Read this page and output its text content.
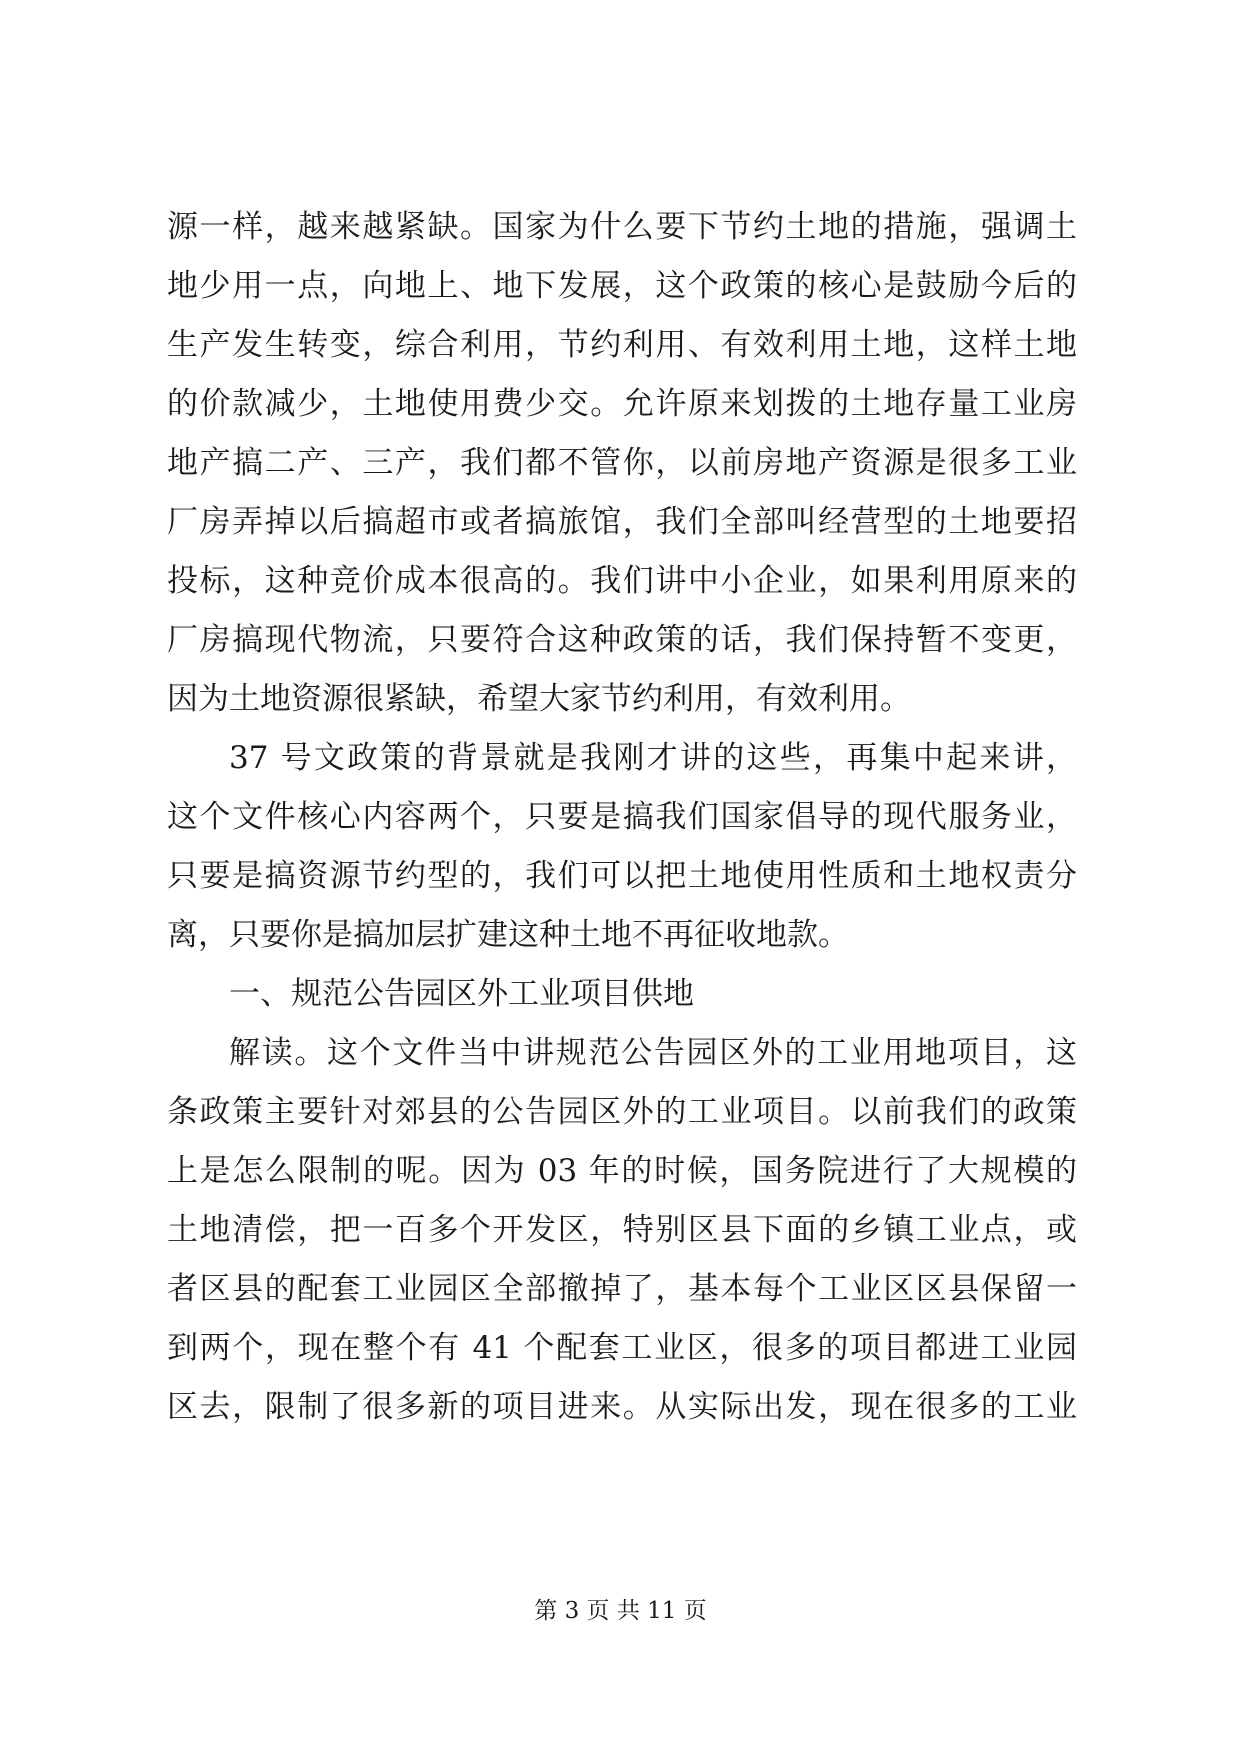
源一样，越来越紧缺。国家为什么要下节约土地的措施，强调土
地少用一点，向地上、地下发展，这个政策的核心是鼓励今后的
生产发生转变，综合利用，节约利用、有效利用土地，这样土地
的价款减少，土地使用费少交。允许原来划拨的土地存量工业房
地产搞二产、三产，我们都不管你，以前房地产资源是很多工业
厂房弄掉以后搞超市或者搞旅馆，我们全部叫经营型的土地要招
投标，这种竞价成本很高的。我们讲中小企业，如果利用原来的
厂房搞现代物流，只要符合这种政策的话，我们保持暂不变更，
因为土地资源很紧缺，希望大家节约利用，有效利用。
37 号文政策的背景就是我刚才讲的这些，再集中起来讲，
这个文件核心内容两个，只要是搞我们国家倡导的现代服务业，
只要是搞资源节约型的，我们可以把土地使用性质和土地权责分
离，只要你是搞加层扩建这种土地不再征收地款。
一、规范公告园区外工业项目供地
解读。这个文件当中讲规范公告园区外的工业用地项目，这
条政策主要针对郊县的公告园区外的工业项目。以前我们的政策
上是怎么限制的呢。因为 03 年的时候，国务院进行了大规模的
土地清偿，把一百多个开发区，特别区县下面的乡镇工业点，或
者区县的配套工业园区全部撤掉了，基本每个工业区区县保留一
到两个，现在整个有 41 个配套工业区，很多的项目都进工业园
区去，限制了很多新的项目进来。从实际出发，现在很多的工业
第 3 页 共 11 页
